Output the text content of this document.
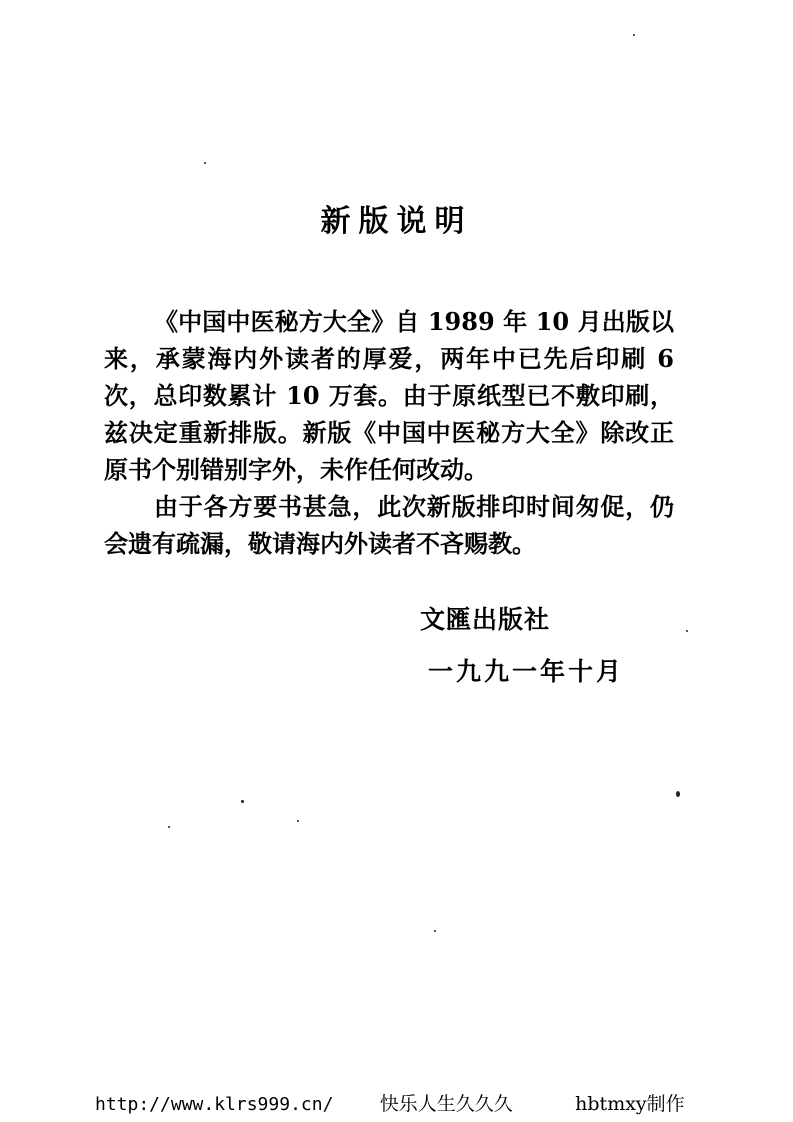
新版说明

《中国中医秘方大全》自 1989 年 10 月出版以来，承蒙海内外读者的厚爱，两年中已先后印刷 6 次，总印数累计 10 万套。由于原纸型已不敷印刷，兹决定重新排版。新版《中国中医秘方大全》除改正原书个别错别字外，未作任何改动。

由于各方要书甚急，此次新版排印时间匆促，仍会遗有疏漏，敬请海内外读者不吝赐教。

文匯出版社
一九九一年十月
http://www.klrs999.cn/ 快乐人生久久久	hbtmxy制作
